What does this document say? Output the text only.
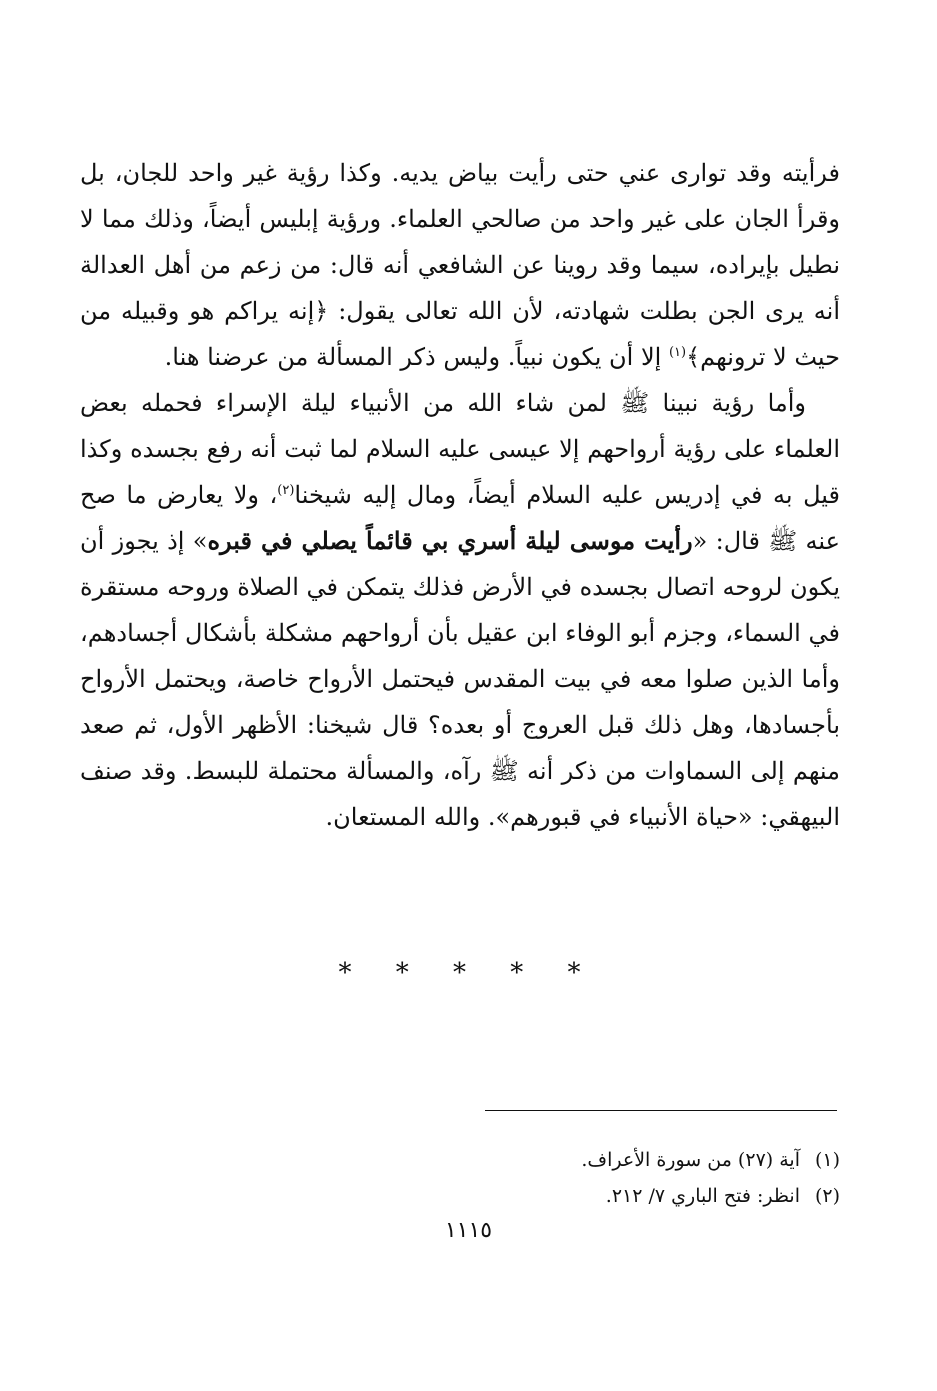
فرأيته وقد توارى عني حتى رأيت بياض يديه. وكذا رؤية غير واحد للجان، بل وقرأ الجان على غير واحد من صالحي العلماء. ورؤية إبليس أيضاً، وذلك مما لا نطيل بإيراده، سيما وقد روينا عن الشافعي أنه قال: من زعم من أهل العدالة أنه يرى الجن بطلت شهادته، لأن الله تعالى يقول: ﴿إنه يراكم هو وقبيله من حيث لا ترونهم﴾$^{(١)}$ إلا أن يكون نبياً. وليس ذكر المسألة من عرضنا هنا.

وأما رؤية نبينا ﷺ لمن شاء الله من الأنبياء ليلة الإسراء فحمله بعض العلماء على رؤية أرواحهم إلا عيسى عليه السلام لما ثبت أنه رفع بجسده وكذا قيل به في إدريس عليه السلام أيضاً، ومال إليه شيخنا$^{(٢)}$، ولا يعارض ما صح عنه ﷺ قال: «رأيت موسى ليلة أسري بي قائماً يصلي في قبره» إذ يجوز أن يكون لروحه اتصال بجسده في الأرض فذلك يتمكن في الصلاة وروحه مستقرة في السماء، وجزم أبو الوفاء ابن عقيل بأن أرواحهم مشكلة بأشكال أجسادهم، وأما الذين صلوا معه في بيت المقدس فيحتمل الأرواح خاصة، ويحتمل الأرواح بأجسادها، وهل ذلك قبل العروج أو بعده؟ قال شيخنا: الأظهر الأول، ثم صعد منهم إلى السماوات من ذكر أنه ﷺ رآه، والمسألة محتملة للبسط. وقد صنف البيهقي: «حياة الأنبياء في قبورهم». والله المستعان.

* * * * *
(١)آية (٢٧) من سورة الأعراف.
(٢)انظر: فتح الباري ٧/ ٢١٢.
١١١٥
